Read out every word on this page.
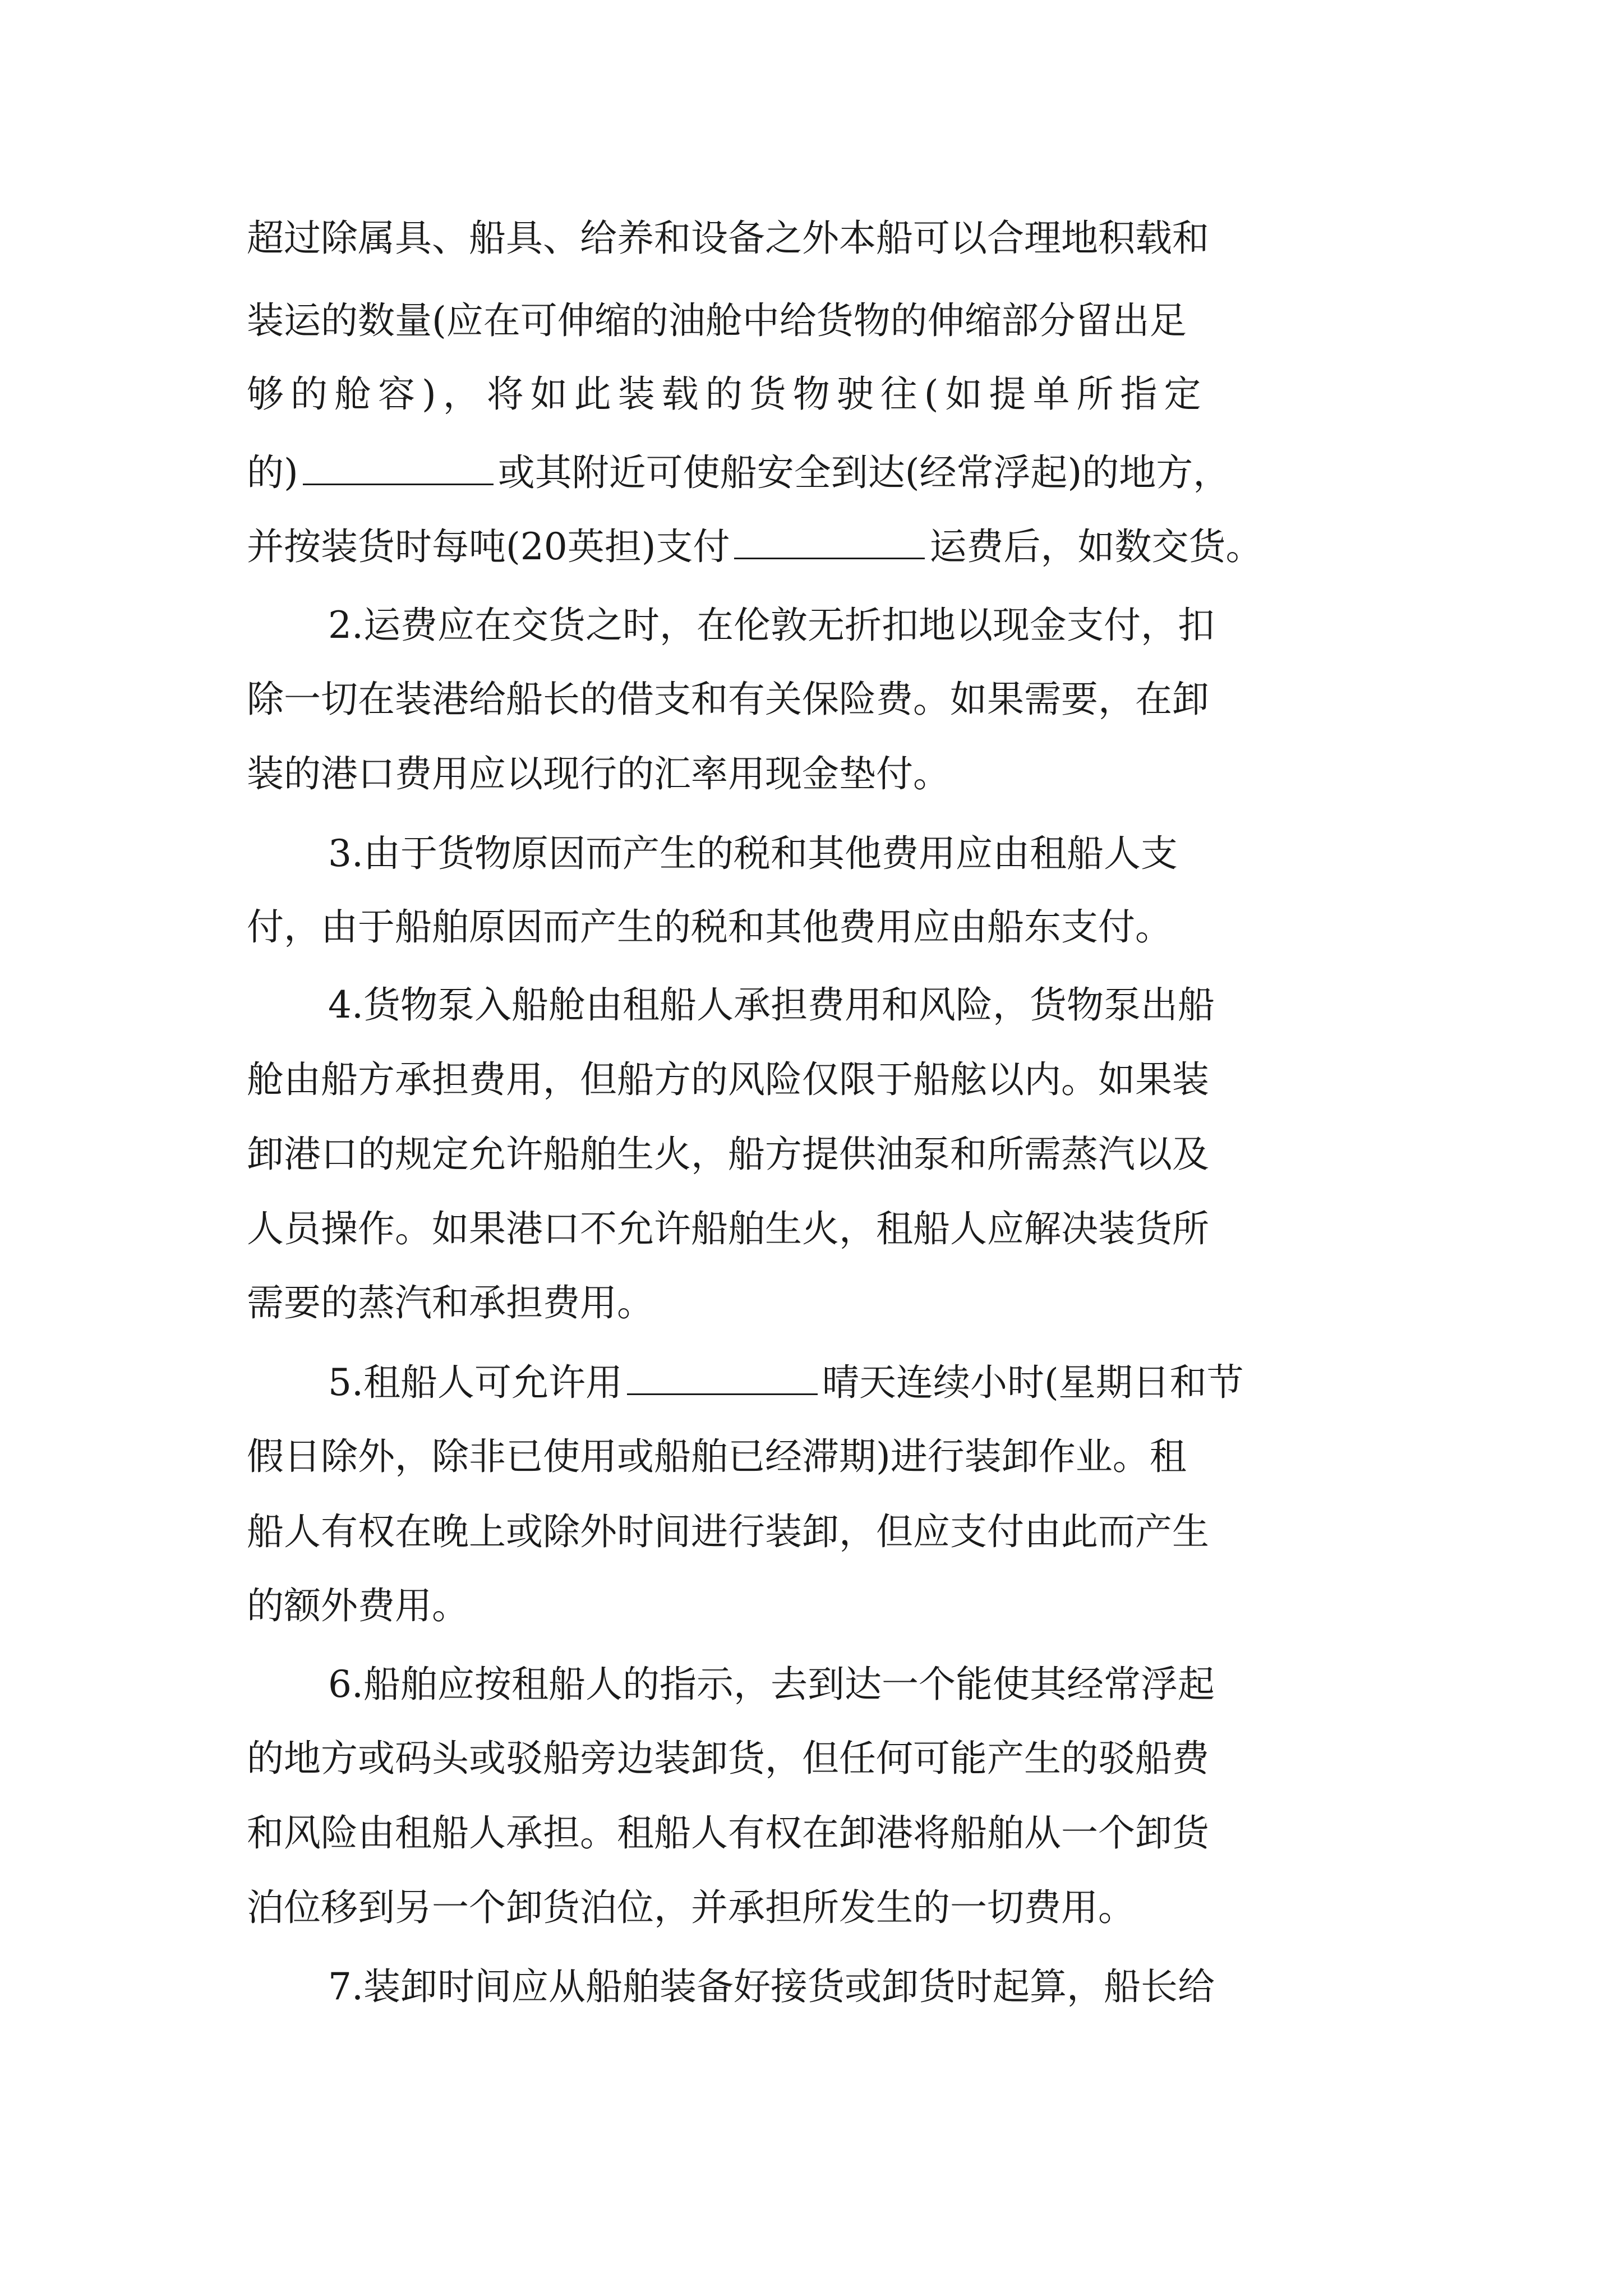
超过除属具、船具、给养和设备之外本船可以合理地积载和
装运的数量(应在可伸缩的油舱中给货物的伸缩部分留出足
够的舱容)，将如此装载的货物驶往(如提单所指定
的)	或其附近可使船安全到达(经常浮起)的地方，
并按装货时每吨(20英担)支付	运费后，如数交货。
2.运费应在交货之时，在伦敦无折扣地以现金支付，扣
除一切在装港给船长的借支和有关保险费。如果需要，在卸
装的港口费用应以现行的汇率用现金垫付。
3.由于货物原因而产生的税和其他费用应由租船人支
付，由于船舶原因而产生的税和其他费用应由船东支付。
4.货物泵入船舱由租船人承担费用和风险，货物泵出船
舱由船方承担费用，但船方的风险仅限于船舷以内。如果装
卸港口的规定允许船舶生火，船方提供油泵和所需蒸汽以及
人员操作。如果港口不允许船舶生火，租船人应解决装货所
需要的蒸汽和承担费用。
5.租船人可允许用	晴天连续小时(星期日和节
假日除外，除非已使用或船舶已经滞期)进行装卸作业。租
船人有权在晚上或除外时间进行装卸，但应支付由此而产生
的额外费用。
6.船舶应按租船人的指示，去到达一个能使其经常浮起
的地方或码头或驳船旁边装卸货，但任何可能产生的驳船费
和风险由租船人承担。租船人有权在卸港将船舶从一个卸货
泊位移到另一个卸货泊位，并承担所发生的一切费用。
7.装卸时间应从船舶装备好接货或卸货时起算，船长给
